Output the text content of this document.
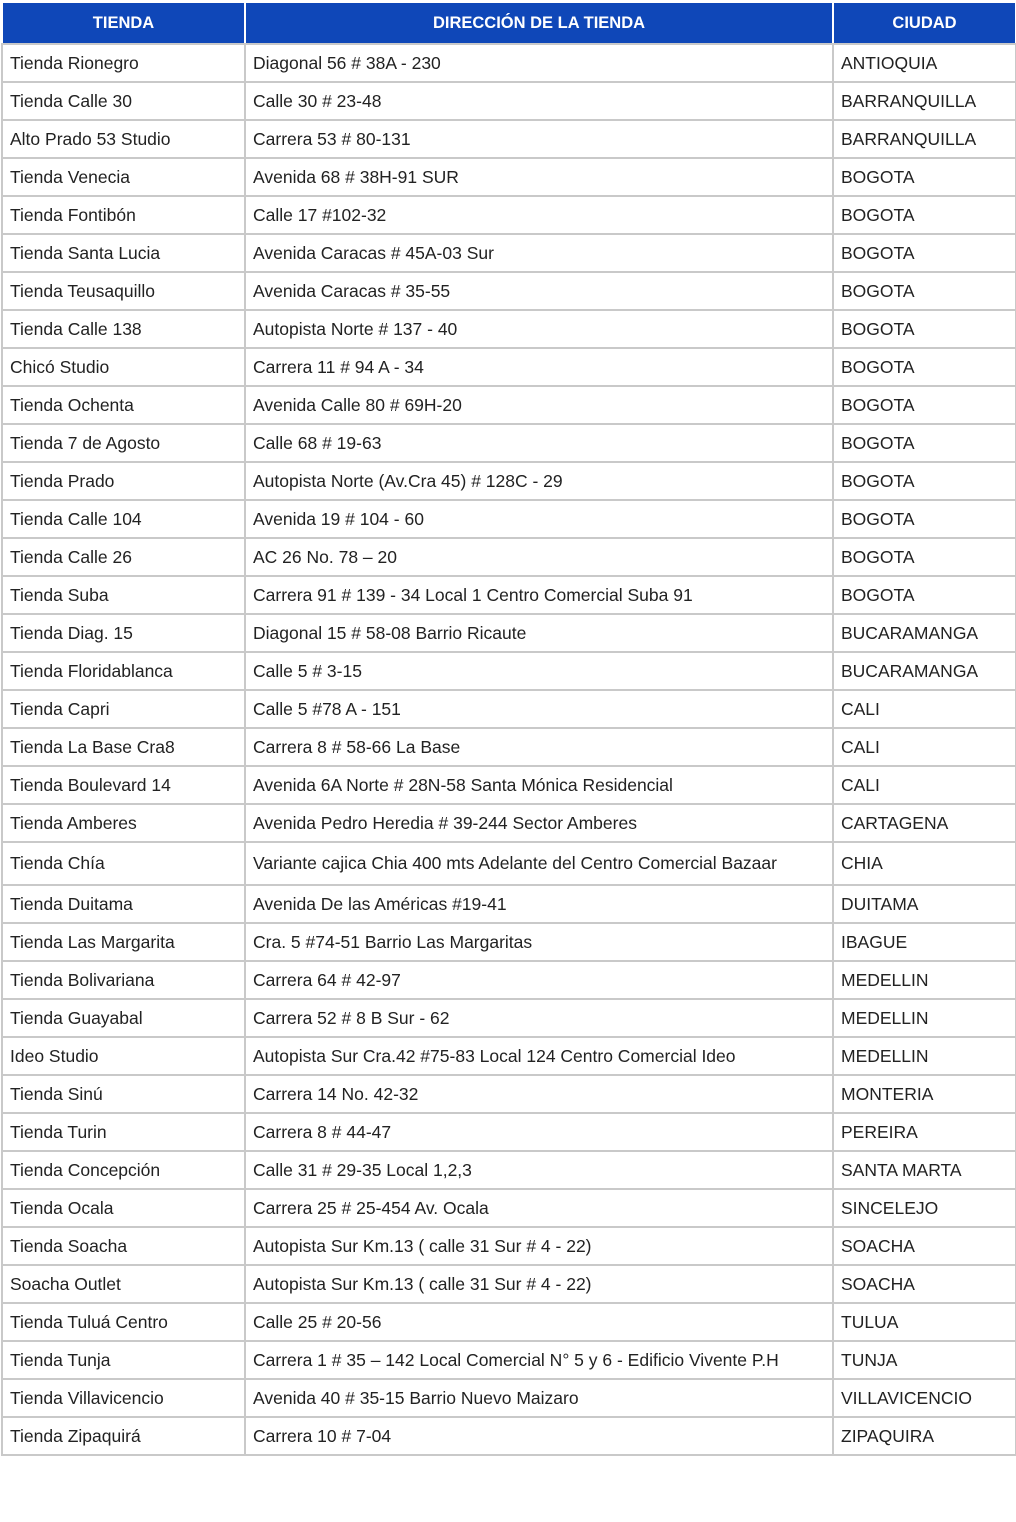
TIENDA	DIRECCIÓN DE LA TIENDA	CIUDAD
Tienda Rionegro	Diagonal 56 # 38A - 230	ANTIOQUIA
Tienda Calle 30	Calle 30 # 23-48	BARRANQUILLA
Alto Prado 53 Studio	Carrera 53 # 80-131	BARRANQUILLA
Tienda Venecia	Avenida 68 # 38H-91 SUR	BOGOTA
Tienda Fontibón	Calle 17 #102-32	BOGOTA
Tienda Santa Lucia	Avenida Caracas # 45A-03 Sur	BOGOTA
Tienda Teusaquillo	Avenida Caracas # 35-55	BOGOTA
Tienda Calle 138	Autopista Norte # 137 - 40	BOGOTA
Chicó Studio	Carrera 11 # 94 A - 34	BOGOTA
Tienda Ochenta	Avenida Calle 80 # 69H-20	BOGOTA
Tienda 7 de Agosto	Calle 68 # 19-63	BOGOTA
Tienda Prado	Autopista Norte (Av.Cra 45) # 128C - 29	BOGOTA
Tienda Calle 104	Avenida 19 # 104 - 60	BOGOTA
Tienda Calle 26	AC 26 No. 78 – 20	BOGOTA
Tienda Suba	Carrera 91 # 139 - 34 Local 1 Centro Comercial Suba 91	BOGOTA
Tienda Diag. 15	Diagonal 15 # 58-08 Barrio Ricaute	BUCARAMANGA
Tienda Floridablanca	Calle 5 # 3-15	BUCARAMANGA
Tienda Capri	Calle 5 #78 A - 151	CALI
Tienda La Base Cra8	Carrera 8 # 58-66 La Base	CALI
Tienda Boulevard 14	Avenida 6A Norte # 28N-58 Santa Mónica Residencial	CALI
Tienda Amberes	Avenida Pedro Heredia # 39-244 Sector Amberes	CARTAGENA
Tienda Chía	Variante cajica Chia 400 mts Adelante del Centro Comercial Bazaar	CHIA
Tienda Duitama	Avenida De las Américas #19-41	DUITAMA
Tienda Las Margarita	Cra. 5 #74-51 Barrio Las Margaritas	IBAGUE
Tienda Bolivariana	Carrera 64 # 42-97	MEDELLIN
Tienda Guayabal	Carrera 52 # 8 B Sur - 62	MEDELLIN
Ideo Studio	Autopista Sur Cra.42 #75-83 Local 124 Centro Comercial Ideo	MEDELLIN
Tienda Sinú	Carrera 14 No. 42-32	MONTERIA
Tienda Turin	Carrera 8 # 44-47	PEREIRA
Tienda Concepción	Calle 31 # 29-35 Local 1,2,3	SANTA MARTA
Tienda Ocala	Carrera 25 # 25-454 Av. Ocala	SINCELEJO
Tienda Soacha	Autopista Sur Km.13 ( calle 31 Sur # 4 - 22)	SOACHA
Soacha Outlet	Autopista Sur Km.13 ( calle 31 Sur # 4 - 22)	SOACHA
Tienda Tuluá Centro	Calle 25 # 20-56	TULUA
Tienda Tunja	Carrera 1 # 35 – 142 Local Comercial N° 5 y 6 - Edificio Vivente P.H	TUNJA
Tienda Villavicencio	Avenida 40 # 35-15 Barrio Nuevo Maizaro	VILLAVICENCIO
Tienda Zipaquirá	Carrera 10 # 7-04	ZIPAQUIRA
